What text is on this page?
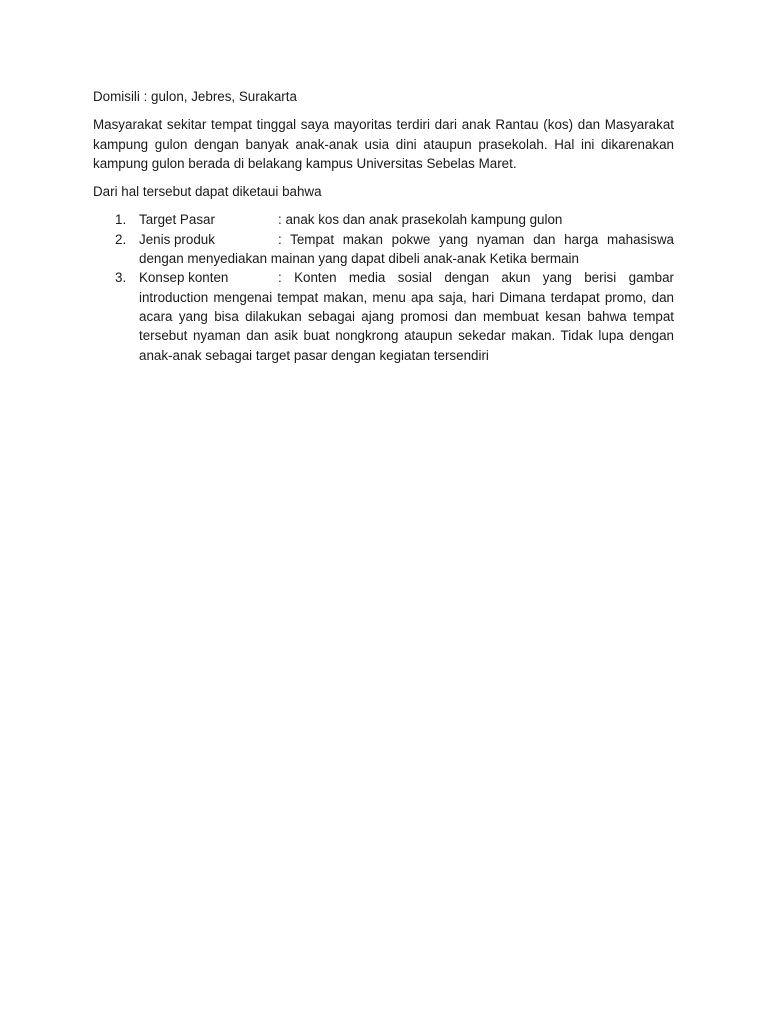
Domisili : gulon, Jebres, Surakarta

Masyarakat sekitar tempat tinggal saya mayoritas terdiri dari anak Rantau (kos) dan Masyarakat kampung gulon dengan banyak anak-anak usia dini ataupun prasekolah. Hal ini dikarenakan kampung gulon berada di belakang kampus Universitas Sebelas Maret.

Dari hal tersebut dapat diketaui bahwa

1. Target Pasar	: anak kos dan anak prasekolah kampung gulon
2. Jenis produk	: Tempat makan pokwe yang nyaman dan harga mahasiswa dengan menyediakan mainan yang dapat dibeli anak-anak Ketika bermain
3. Konsep konten	: Konten media sosial dengan akun yang berisi gambar introduction mengenai tempat makan, menu apa saja, hari Dimana terdapat promo, dan acara yang bisa dilakukan sebagai ajang promosi dan membuat kesan bahwa tempat tersebut nyaman dan asik buat nongkrong ataupun sekedar makan. Tidak lupa dengan anak-anak sebagai target pasar dengan kegiatan tersendiri
